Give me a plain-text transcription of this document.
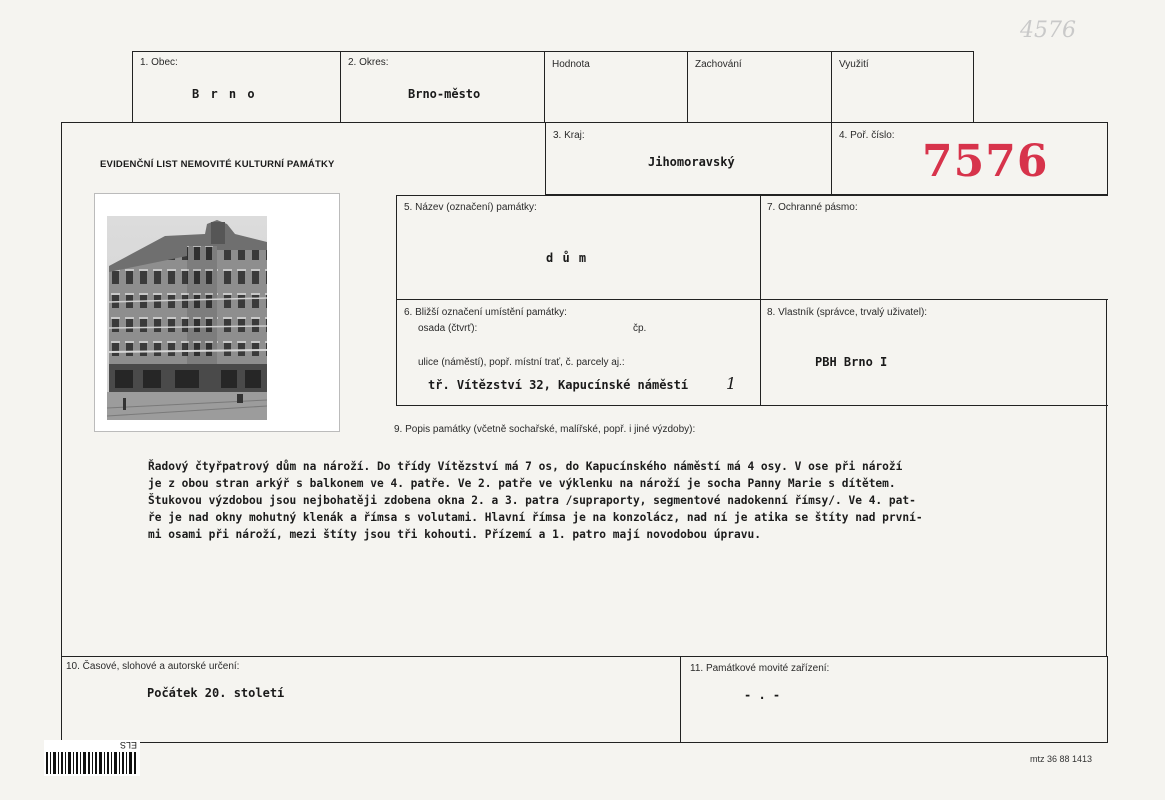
4576
1. Obec:
B r n o
2. Okres:
Brno-město
Hodnota	Zachování	Využití
EVIDENČNÍ LIST NEMOVITÉ KULTURNÍ PAMÁTKY
3. Kraj:
Jihomoravský
4. Poř. číslo:
7576
5. Název (označení) památky:
d ů m
7. Ochranné pásmo:
6. Bližší označení umístění památky:
osada (čtvrť):	čp.
ulice (náměstí), popř. místní trať, č. parcely aj.:
tř. Vítězství 32, Kapucínské náměstí 1
8. Vlastník (správce, trvalý uživatel):
PBH Brno I
9. Popis památky (včetně sochařské, malířské, popř. i jiné výzdoby):
Řadový čtyřpatrový dům na nároží. Do třídy Vítězství má 7 os, do Kapucínského náměstí má 4 osy. V ose při nároží
je z obou stran arkýř s balkonem ve 4. patře. Ve 2. patře ve výklenku na nároží je socha Panny Marie s dítětem.
Štukovou výzdobou jsou nejbohatěji zdobena okna 2. a 3. patra /supraporty, segmentové nadokenní římsy/. Ve 4. pat-
ře je nad okny mohutný klenák a římsa s volutami. Hlavní římsa je na konzolácz, nad ní je atika se štíty nad první-
mi osami při nároží, mezi štíty jsou tři kohouti. Přízemí a 1. patro mají novodobou úpravu.
10. Časové, slohové a autorské určení:
Počátek 20. století
11. Památkové movité zařízení:
- . -
ELS
mtz 36 88 1413
